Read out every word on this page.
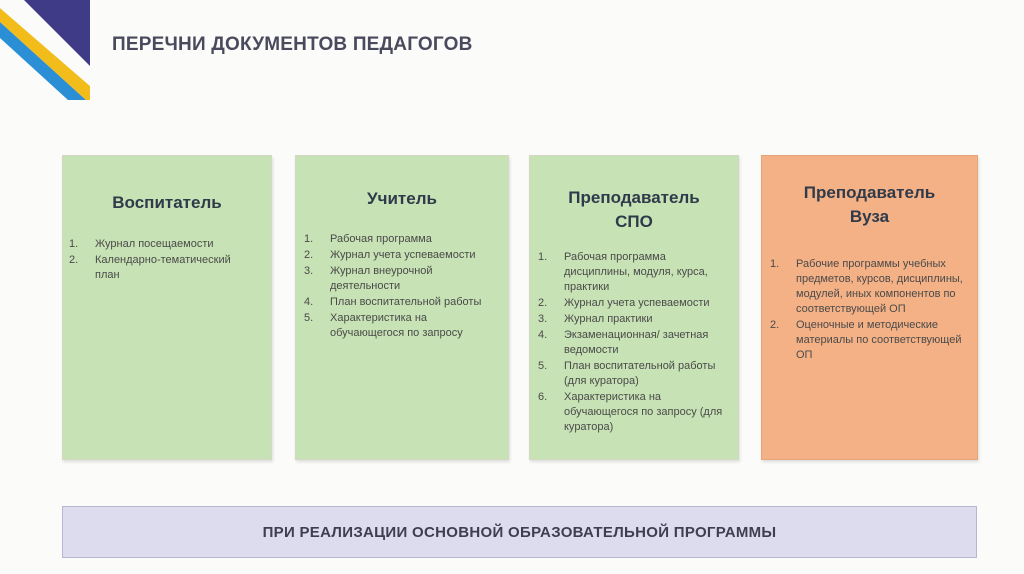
ПЕРЕЧНИ ДОКУМЕНТОВ ПЕДАГОГОВ
Воспитатель
1.	Журнал посещаемости
2.	Календарно-тематический план
Учитель
1.	Рабочая программа
2.	Журнал учета успеваемости
3.	Журнал внеурочной деятельности
4.	План воспитательной работы
5.	Характеристика на обучающегося по запросу
Преподаватель
СПО
1.	Рабочая программа дисциплины, модуля, курса, практики
2.	Журнал учета успеваемости
3.	Журнал практики
4.	Экзаменационная/ зачетная ведомости
5.	План воспитательной работы (для куратора)
6.	Характеристика на обучающегося по запросу (для куратора)
Преподаватель
Вуза
1.	Рабочие программы учебных предметов, курсов, дисциплины, модулей, иных компонентов по соответствующей ОП
2.	Оценочные и методические материалы по соответствующей ОП
ПРИ РЕАЛИЗАЦИИ ОСНОВНОЙ ОБРАЗОВАТЕЛЬНОЙ ПРОГРАММЫ
